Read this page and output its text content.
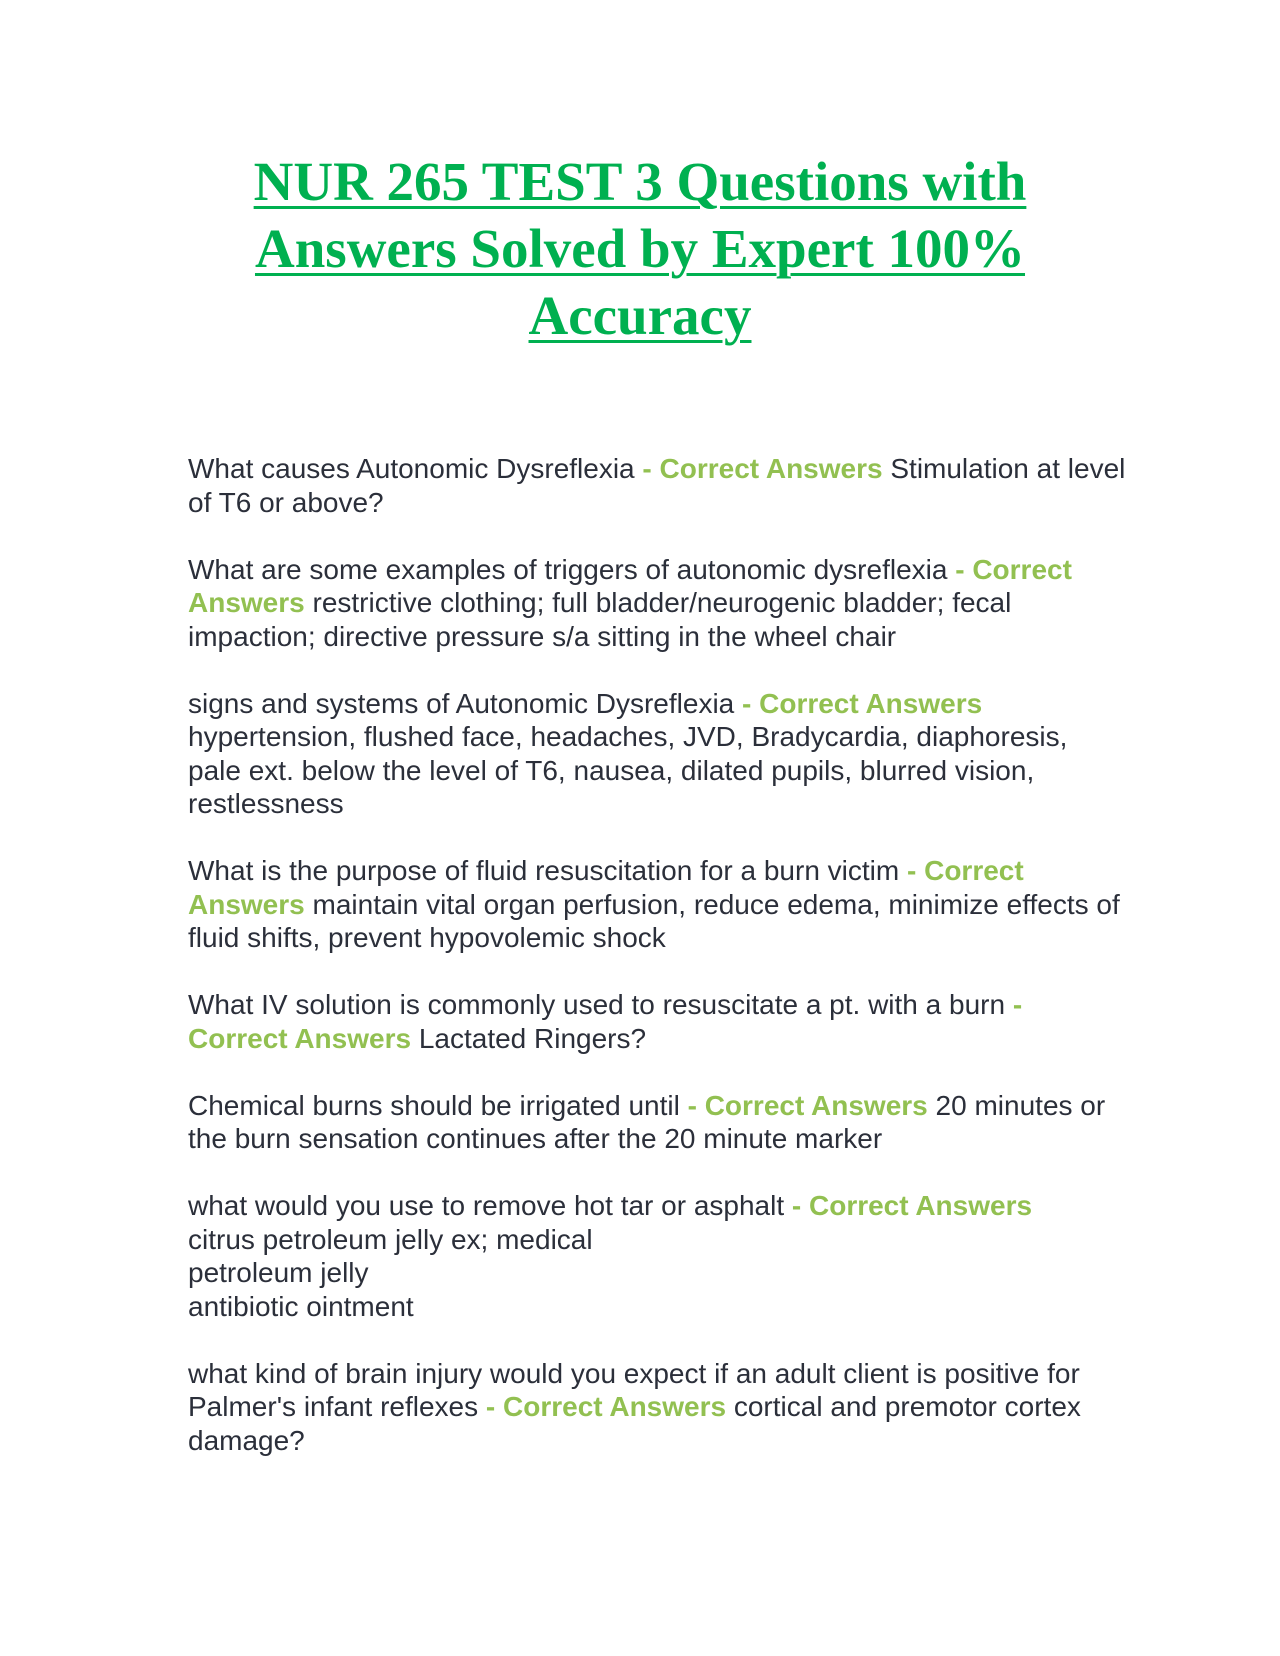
NUR 265 TEST 3 Questions with
Answers Solved by Expert 100%
Accuracy

What causes Autonomic Dysreflexia - Correct Answers Stimulation at level of T6 or above?

What are some examples of triggers of autonomic dysreflexia - Correct Answers restrictive clothing; full bladder/neurogenic bladder; fecal impaction; directive pressure s/a sitting in the wheel chair

signs and systems of Autonomic Dysreflexia - Correct Answers hypertension, flushed face, headaches, JVD, Bradycardia, diaphoresis, pale ext. below the level of T6, nausea, dilated pupils, blurred vision, restlessness

What is the purpose of fluid resuscitation for a burn victim - Correct Answers maintain vital organ perfusion, reduce edema, minimize effects of fluid shifts, prevent hypovolemic shock

What IV solution is commonly used to resuscitate a pt. with a burn - Correct Answers Lactated Ringers?

Chemical burns should be irrigated until - Correct Answers 20 minutes or the burn sensation continues after the 20 minute marker

what would you use to remove hot tar or asphalt - Correct Answers
citrus petroleum jelly ex; medical
petroleum jelly
antibiotic ointment

what kind of brain injury would you expect if an adult client is positive for Palmer's infant reflexes - Correct Answers cortical and premotor cortex damage?
